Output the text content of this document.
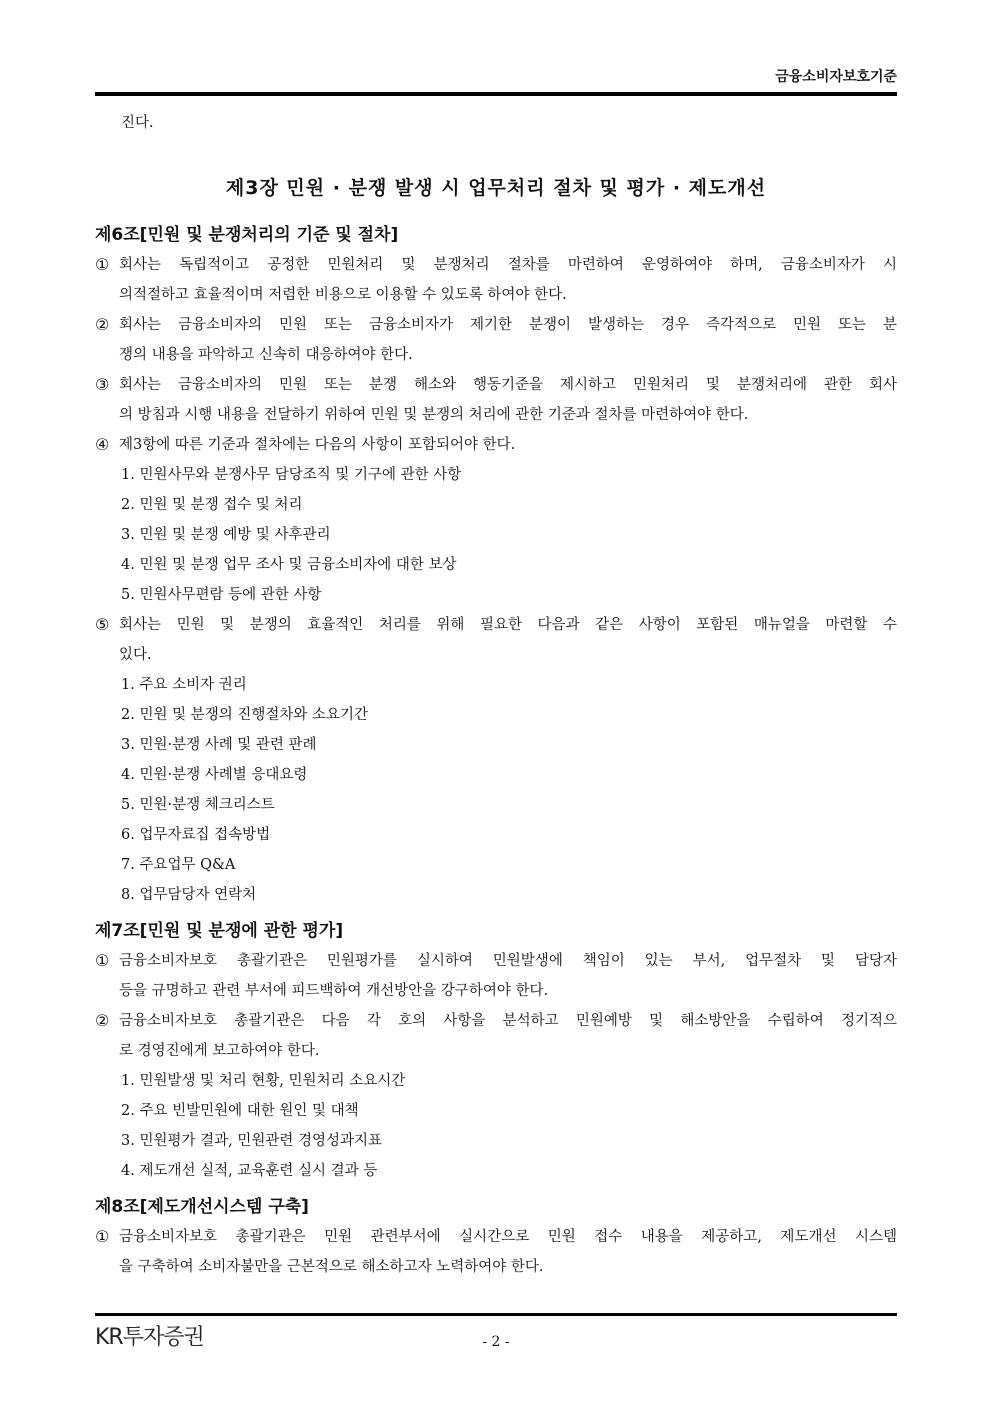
금융소비자보호기준
진다.
제3장 민원 · 분쟁 발생 시 업무처리 절차 및 평가 · 제도개선
제6조[민원 및 분쟁처리의 기준 및 절차]
① 회사는 독립적이고 공정한 민원처리 및 분쟁처리 절차를 마련하여 운영하여야 하며, 금융소비자가 시
의적절하고 효율적이며 저렴한 비용으로 이용할 수 있도록 하여야 한다.
② 회사는 금융소비자의 민원 또는 금융소비자가 제기한 분쟁이 발생하는 경우 즉각적으로 민원 또는 분
쟁의 내용을 파악하고 신속히 대응하여야 한다.
③ 회사는 금융소비자의 민원 또는 분쟁 해소와 행동기준을 제시하고 민원처리 및 분쟁처리에 관한 회사
의 방침과 시행 내용을 전달하기 위하여 민원 및 분쟁의 처리에 관한 기준과 절차를 마련하여야 한다.
④ 제3항에 따른 기준과 절차에는 다음의 사항이 포함되어야 한다.
1. 민원사무와 분쟁사무 담당조직 및 기구에 관한 사항
2. 민원 및 분쟁 접수 및 처리
3. 민원 및 분쟁 예방 및 사후관리
4. 민원 및 분쟁 업무 조사 및 금융소비자에 대한 보상
5. 민원사무편람 등에 관한 사항
⑤ 회사는 민원 및 분쟁의 효율적인 처리를 위해 필요한 다음과 같은 사항이 포함된 매뉴얼을 마련할 수
있다.
1. 주요 소비자 권리
2. 민원 및 분쟁의 진행절차와 소요기간
3. 민원·분쟁 사례 및 관련 판례
4. 민원·분쟁 사례별 응대요령
5. 민원·분쟁 체크리스트
6. 업무자료집 접속방법
7. 주요업무 Q&A
8. 업무담당자 연락처
제7조[민원 및 분쟁에 관한 평가]
① 금융소비자보호 총괄기관은 민원평가를 실시하여 민원발생에 책임이 있는 부서, 업무절차 및 담당자
등을 규명하고 관련 부서에 피드백하여 개선방안을 강구하여야 한다.
② 금융소비자보호 총괄기관은 다음 각 호의 사항을 분석하고 민원예방 및 해소방안을 수립하여 정기적으
로 경영진에게 보고하여야 한다.
1. 민원발생 및 처리 현황, 민원처리 소요시간
2. 주요 빈발민원에 대한 원인 및 대책
3. 민원평가 결과, 민원관련 경영성과지표
4. 제도개선 실적, 교육훈련 실시 결과 등
제8조[제도개선시스템 구축]
① 금융소비자보호 총괄기관은 민원 관련부서에 실시간으로 민원 접수 내용을 제공하고, 제도개선 시스템
을 구축하여 소비자불만을 근본적으로 해소하고자 노력하여야 한다.
KR투자증권	- 2 -
